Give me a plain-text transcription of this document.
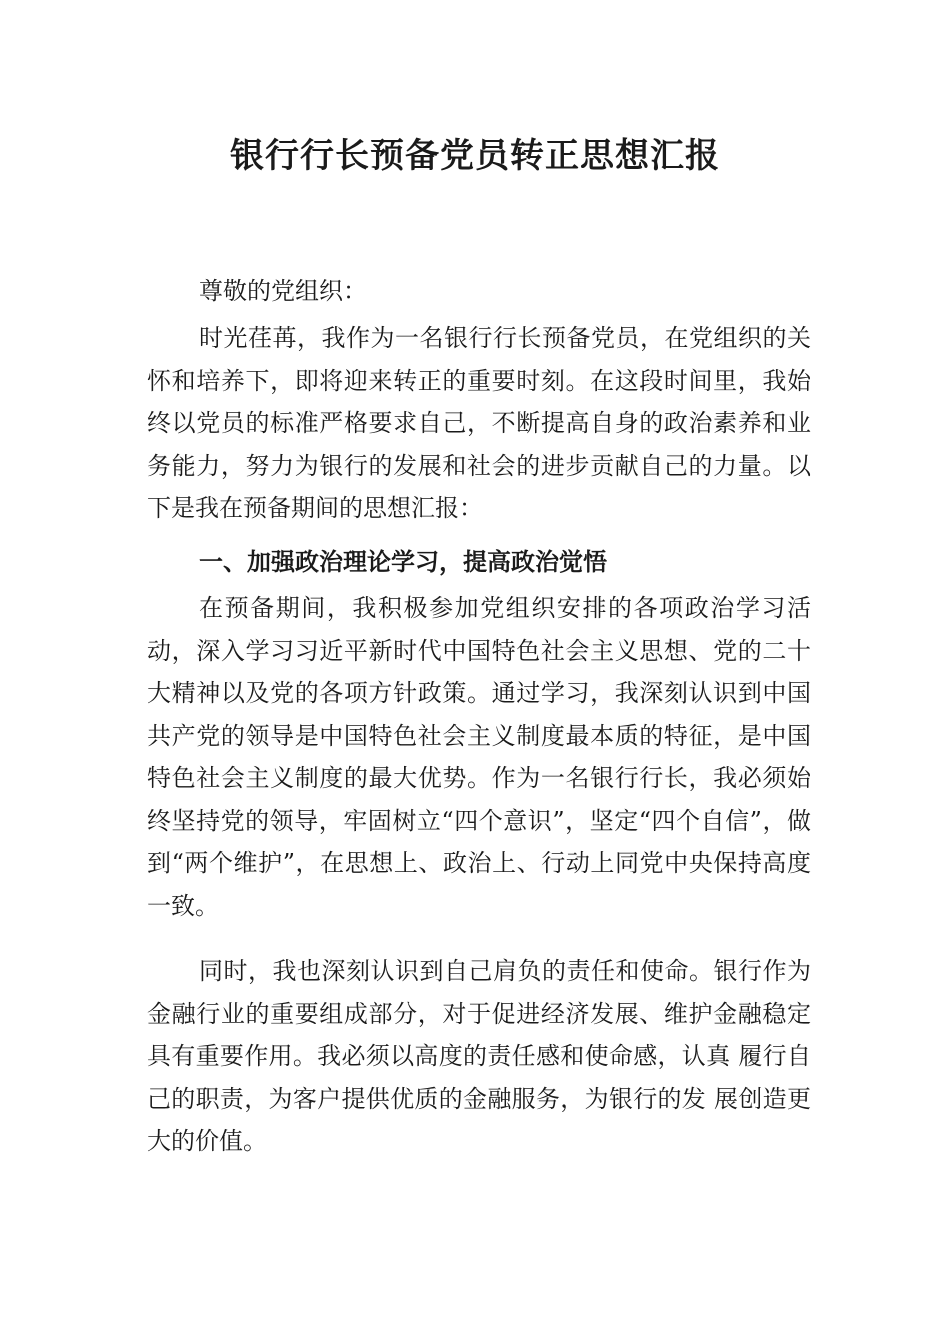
银行行长预备党员转正思想汇报

尊敬的党组织：

时光荏苒，我作为一名银行行长预备党员，在党组织的关怀和培养下，即将迎来转正的重要时刻。在这段时间里，我始终以党员的标准严格要求自己，不断提高自身的政治素养和业务能力，努力为银行的发展和社会的进步贡献自己的力量。以下是我在预备期间的思想汇报：

一、加强政治理论学习，提高政治觉悟

在预备期间，我积极参加党组织安排的各项政治学习活动，深入学习习近平新时代中国特色社会主义思想、党的二十大精神以及党的各项方针政策。通过学习，我深刻认识到中国共产党的领导是中国特色社会主义制度最本质的特征，是中国特色社会主义制度的最大优势。作为一名银行行长，我必须始终坚持党的领导，牢固树立“四个意识”，坚定“四个自信”，做到“两个维护”，在思想上、政治上、行动上同党中央保持高度一致。

同时，我也深刻认识到自己肩负的责任和使命。银行作为金融行业的重要组成部分，对于促进经济发展、维护金融稳定具有重要作用。我必须以高度的责任感和使命感，认真 履行自己的职责，为客户提供优质的金融服务，为银行的发 展创造更大的价值。
